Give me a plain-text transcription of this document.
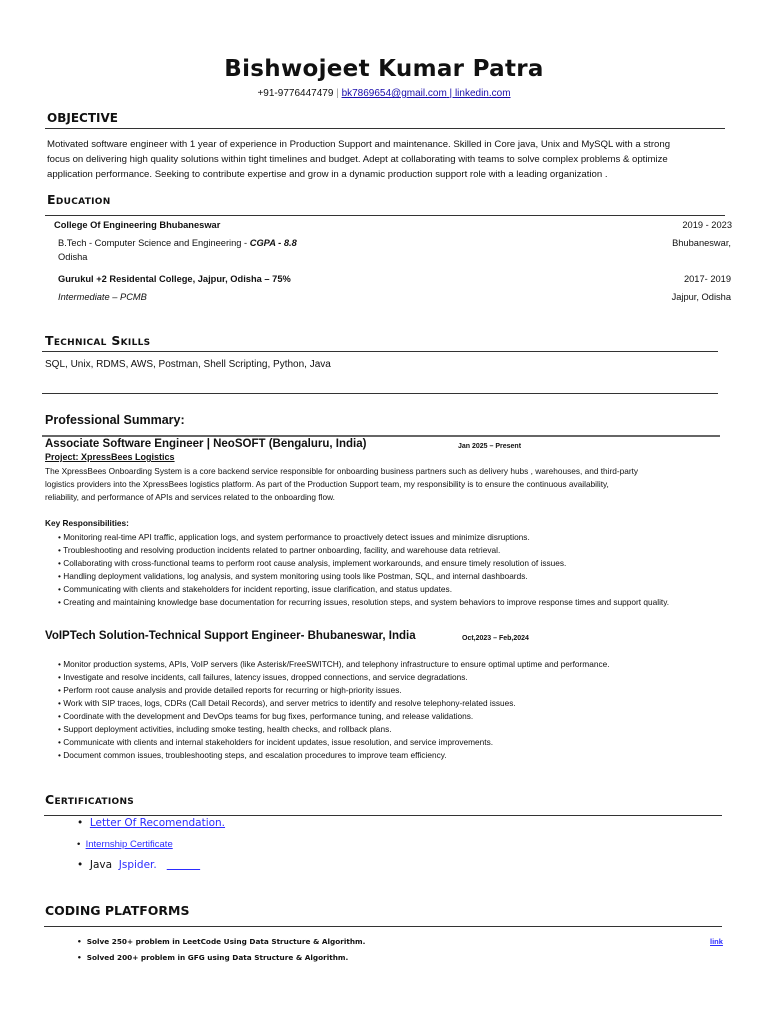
Bishwojeet Kumar Patra
+91-9776447479 | bk7869654@gmail.com | linkedin.com
OBJECTIVE
Motivated software engineer with 1 year of experience in Production Support and maintenance. Skilled in Core java, Unix and MySQL with a strong
focus on delivering high quality solutions within tight timelines and budget. Adept at collaborating with teams to solve complex problems & optimize
application performance. Seeking to contribute expertise and grow in a dynamic production support role with a leading organization .
Education
College Of Engineering Bhubaneswar	2019 - 2023
B.Tech - Computer Science and Engineering - CGPA - 8.8	Bhubaneswar,
Odisha
Gurukul +2 Residental College, Jajpur, Odisha – 75%	2017- 2019
Intermediate – PCMB	Jajpur, Odisha
Technical Skills
SQL, Unix, RDMS, AWS, Postman, Shell Scripting, Python, Java
Professional Summary:
Associate Software Engineer | NeoSOFT (Bengaluru, India)	Jan 2025 – Present
Project: XpressBees Logistics
The XpressBees Onboarding System is a core backend service responsible for onboarding business partners such as delivery hubs , warehouses, and third-party
logistics providers into the XpressBees logistics platform. As part of the Production Support team, my responsibility is to ensure the continuous availability,
reliability, and performance of APIs and services related to the onboarding flow.
Key Responsibilities:
• Monitoring real-time API traffic, application logs, and system performance to proactively detect issues and minimize disruptions.
• Troubleshooting and resolving production incidents related to partner onboarding, facility, and warehouse data retrieval.
• Collaborating with cross-functional teams to perform root cause analysis, implement workarounds, and ensure timely resolution of issues.
• Handling deployment validations, log analysis, and system monitoring using tools like Postman, SQL, and internal dashboards.
• Communicating with clients and stakeholders for incident reporting, issue clarification, and status updates.
• Creating and maintaining knowledge base documentation for recurring issues, resolution steps, and system behaviors to improve response times and support quality.
VoIPTech Solution-Technical Support Engineer- Bhubaneswar, India	Oct,2023 – Feb,2024
• Monitor production systems, APIs, VoIP servers (like Asterisk/FreeSWITCH), and telephony infrastructure to ensure optimal uptime and performance.
• Investigate and resolve incidents, call failures, latency issues, dropped connections, and service degradations.
• Perform root cause analysis and provide detailed reports for recurring or high-priority issues.
• Work with SIP traces, logs, CDRs (Call Detail Records), and server metrics to identify and resolve telephony-related issues.
• Coordinate with the development and DevOps teams for bug fixes, performance tuning, and release validations.
• Support deployment activities, including smoke testing, health checks, and rollback plans.
• Communicate with clients and internal stakeholders for incident updates, issue resolution, and service improvements.
• Document common issues, troubleshooting steps, and escalation procedures to improve team efficiency.
Certifications
•  Letter Of Recomendation.
•  Internship Certificate
•  Java Jspider.
CODING PLATFORMS
•  Solve 250+ problem in LeetCode Using Data Structure & Algorithm.	link
•  Solved 200+ problem in GFG using Data Structure & Algorithm.
